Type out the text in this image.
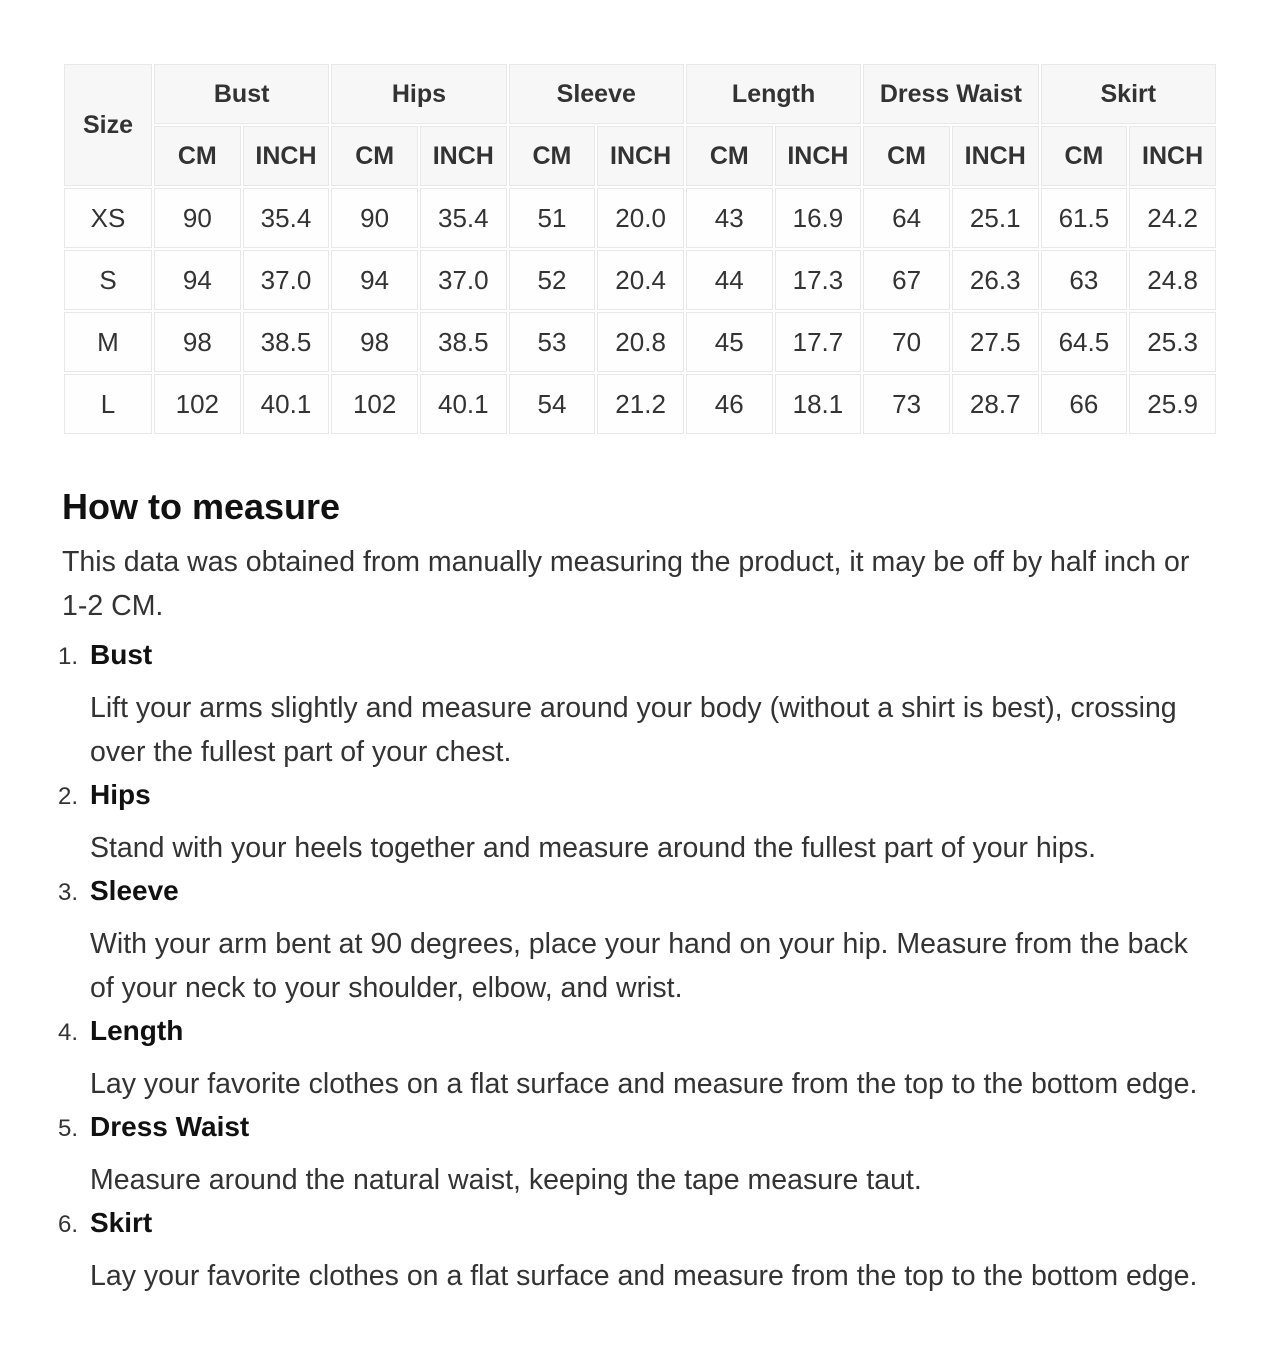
Size	Bust		Hips		Sleeve		Length		Dress Waist		Skirt	
	CM	INCH	CM	INCH	CM	INCH	CM	INCH	CM	INCH	CM	INCH
XS	90	35.4	90	35.4	51	20.0	43	16.9	64	25.1	61.5	24.2
S	94	37.0	94	37.0	52	20.4	44	17.3	67	26.3	63	24.8
M	98	38.5	98	38.5	53	20.8	45	17.7	70	27.5	64.5	25.3
L	102	40.1	102	40.1	54	21.2	46	18.1	73	28.7	66	25.9
How to measure

This data was obtained from manually measuring the product, it may be off by half inch or 1-2 CM.

1. Bust

Lift your arms slightly and measure around your body (without a shirt is best), crossing over the fullest part of your chest.

2. Hips

Stand with your heels together and measure around the fullest part of your hips.

3. Sleeve

With your arm bent at 90 degrees, place your hand on your hip. Measure from the back of your neck to your shoulder, elbow, and wrist.

4. Length

Lay your favorite clothes on a flat surface and measure from the top to the bottom edge.

5. Dress Waist

Measure around the natural waist, keeping the tape measure taut.

6. Skirt

Lay your favorite clothes on a flat surface and measure from the top to the bottom edge.
